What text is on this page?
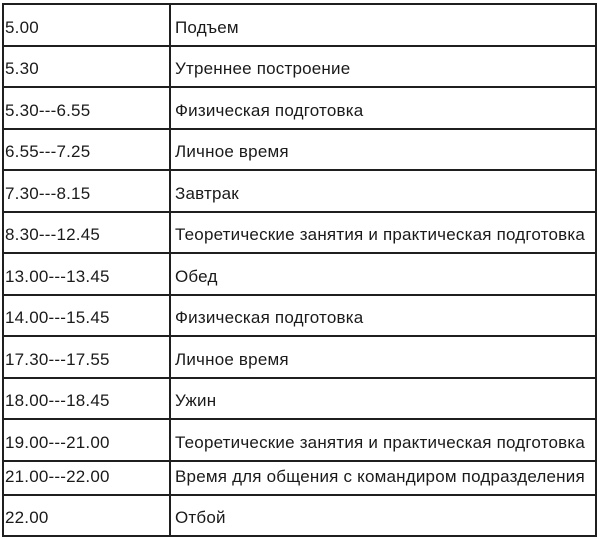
5.00	Подъем
5.30	Утреннее построение
5.30---6.55	Физическая подготовка
6.55---7.25	Личное время
7.30---8.15	Завтрак
8.30---12.45	Теоретические занятия и практическая подготовка
13.00---13.45	Обед
14.00---15.45	Физическая подготовка
17.30---17.55	Личное время
18.00---18.45	Ужин
19.00---21.00	Теоретические занятия и практическая подготовка
21.00---22.00	Время для общения с командиром подразделения
22.00	Отбой
